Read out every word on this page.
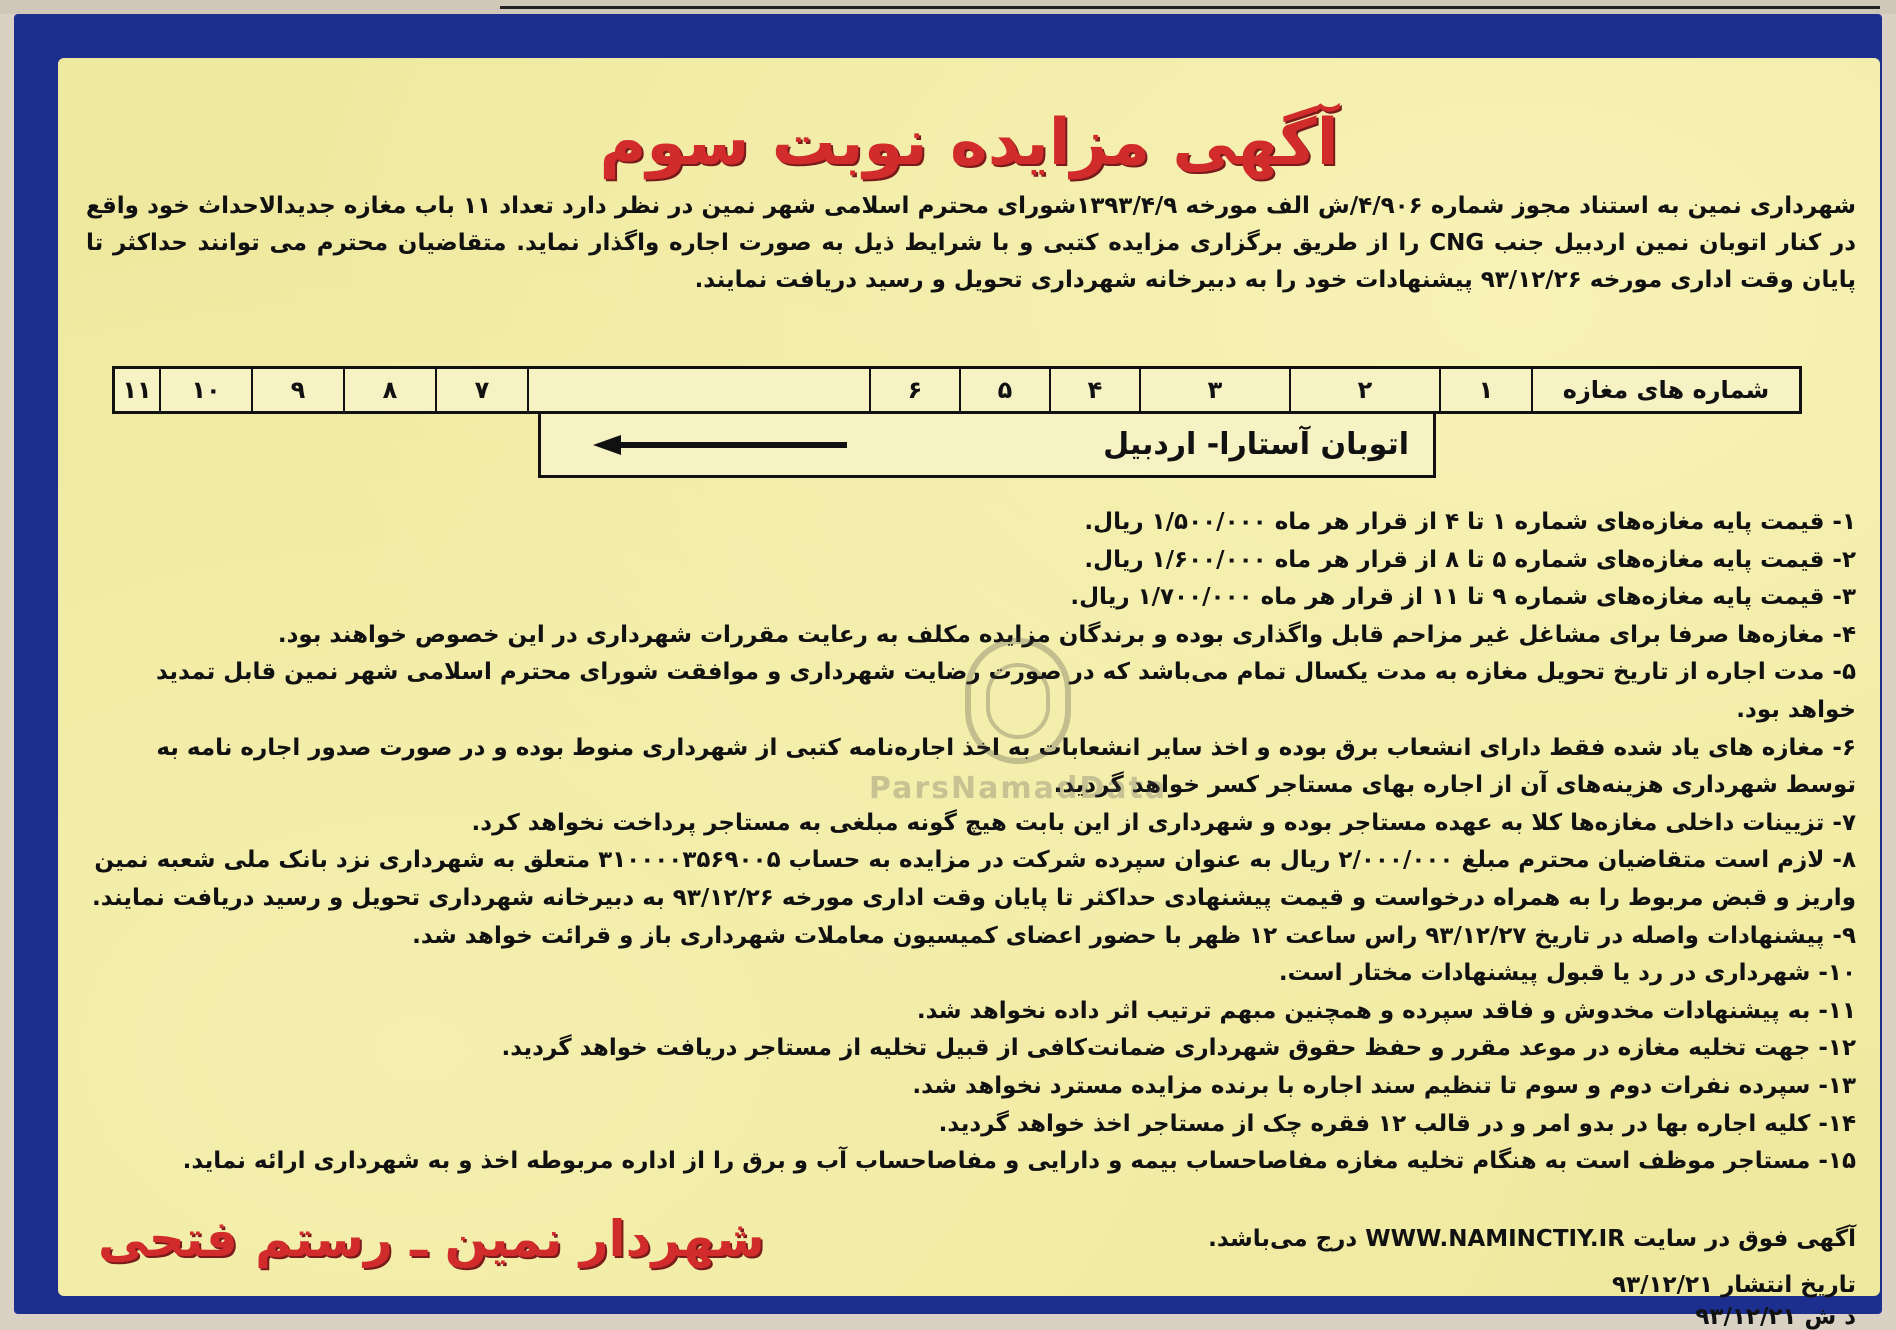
آگهی مزایده نوبت سوم
شهرداری نمین به استناد مجوز شماره ۴/۹۰۶/ش الف مورخه ۱۳۹۳/۴/۹شورای محترم اسلامی شهر نمین در نظر دارد تعداد ۱۱ باب مغازه جدیدالاحداث خود واقع در کنار اتوبان نمین اردبیل جنب CNG را از طریق برگزاری مزایده کتبی و با شرایط ذیل به صورت اجاره واگذار نماید. متقاضیان محترم می توانند حداکثر تا پایان وقت اداری مورخه ۹۳/۱۲/۲۶ پیشنهادات خود را به دبیرخانه شهرداری تحویل و رسید دریافت نمایند.
شماره های مغازه
۱
۲
۳
۴
۵
۶
۷
۸
۹
۱۰
۱۱
اتوبان آستارا- اردبیل
۱- قیمت پایه مغازه‌های شماره ۱ تا ۴ از قرار هر ماه ۱/۵۰۰/۰۰۰ ریال.
۲- قیمت پایه مغازه‌های شماره ۵ تا ۸ از قرار هر ماه ۱/۶۰۰/۰۰۰ ریال.
۳- قیمت پایه مغازه‌های شماره ۹ تا ۱۱ از قرار هر ماه ۱/۷۰۰/۰۰۰ ریال.
۴- مغازه‌ها صرفا برای مشاغل غیر مزاحم قابل واگذاری بوده و برندگان مزایده مکلف به رعایت مقررات شهرداری در این خصوص خواهند بود.
۵- مدت اجاره از تاریخ تحویل مغازه به مدت یکسال تمام می‌باشد که در صورت رضایت شهرداری و موافقت شورای محترم اسلامی شهر نمین قابل تمدید خواهد بود.
۶- مغازه های یاد شده فقط دارای انشعاب برق بوده و اخذ سایر انشعابات به اخذ اجاره‌نامه کتبی از شهرداری منوط بوده و در صورت صدور اجاره نامه به توسط شهرداری هزینه‌های آن از اجاره بهای مستاجر کسر خواهد گردید.
۷- تزیینات داخلی مغازه‌ها کلا به عهده مستاجر بوده و شهرداری از این بابت هیچ گونه مبلغی به مستاجر پرداخت نخواهد کرد.
۸- لازم است متقاضیان محترم مبلغ ۲/۰۰۰/۰۰۰ ریال به عنوان سپرده شرکت در مزایده به حساب ۳۱۰۰۰۰۳۵۶۹۰۰۵ متعلق به شهرداری نزد بانک ملی شعبه نمین واریز و قبض مربوط را به همراه درخواست و قیمت پیشنهادی حداکثر تا پایان وقت اداری مورخه ۹۳/۱۲/۲۶ به دبیرخانه شهرداری تحویل و رسید دریافت نمایند.
۹- پیشنهادات واصله در تاریخ ۹۳/۱۲/۲۷ راس ساعت ۱۲ ظهر با حضور اعضای کمیسیون معاملات شهرداری باز و قرائت خواهد شد.
۱۰- شهرداری در رد یا قبول پیشنهادات مختار است.
۱۱- به پیشنهادات مخدوش و فاقد سپرده و همچنین مبهم ترتیب اثر داده نخواهد شد.
۱۲- جهت تخلیه مغازه در موعد مقرر و حفظ حقوق شهرداری ضمانت‌کافی از قبیل تخلیه از مستاجر دریافت خواهد گردید.
۱۳- سپرده نفرات دوم و سوم تا تنظیم سند اجاره با برنده مزایده مسترد نخواهد شد.
۱۴- کلیه اجاره بها در بدو امر و در قالب ۱۲ فقره چک از مستاجر اخذ خواهد گردید.
۱۵- مستاجر موظف است به هنگام تخلیه مغازه مفاصاحساب بیمه و دارایی و مفاصاحساب آب و برق را از اداره مربوطه اخذ و به شهرداری ارائه نماید.
آگهی فوق در سایت WWW.NAMINCTIY.IR درج می‌باشد.
تاریخ انتشار ۹۳/۱۲/۲۱
د ش ۹۳/۱۲/۲۱
شهردار نمین ـ رستم فتحی
ParsNamadData
